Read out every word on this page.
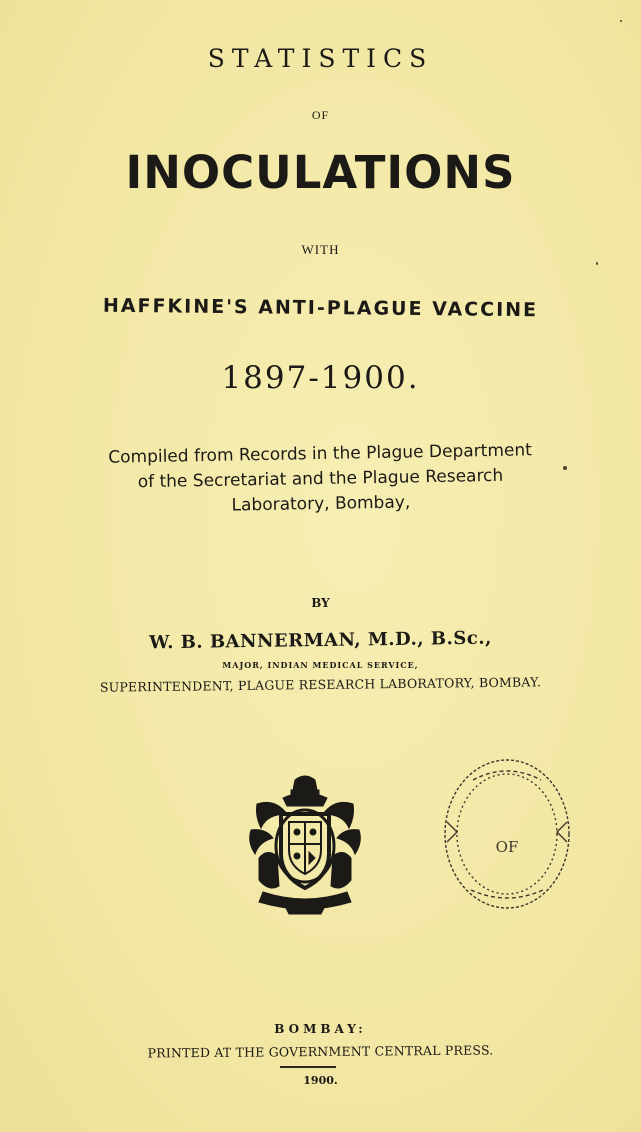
STATISTICS
OF
INOCULATIONS
WITH
HAFFKINE'S ANTI-PLAGUE VACCINE
1897-1900.
Compiled from Records in the Plague Department
of the Secretariat and the Plague Research
Laboratory, Bombay,
BY
W. B. BANNERMAN, M.D., B.Sc.,
MAJOR, INDIAN MEDICAL SERVICE,
SUPERINTENDENT, PLAGUE RESEARCH LABORATORY, BOMBAY.
OF
BOMBAY:
PRINTED AT THE GOVERNMENT CENTRAL PRESS.
1900.
